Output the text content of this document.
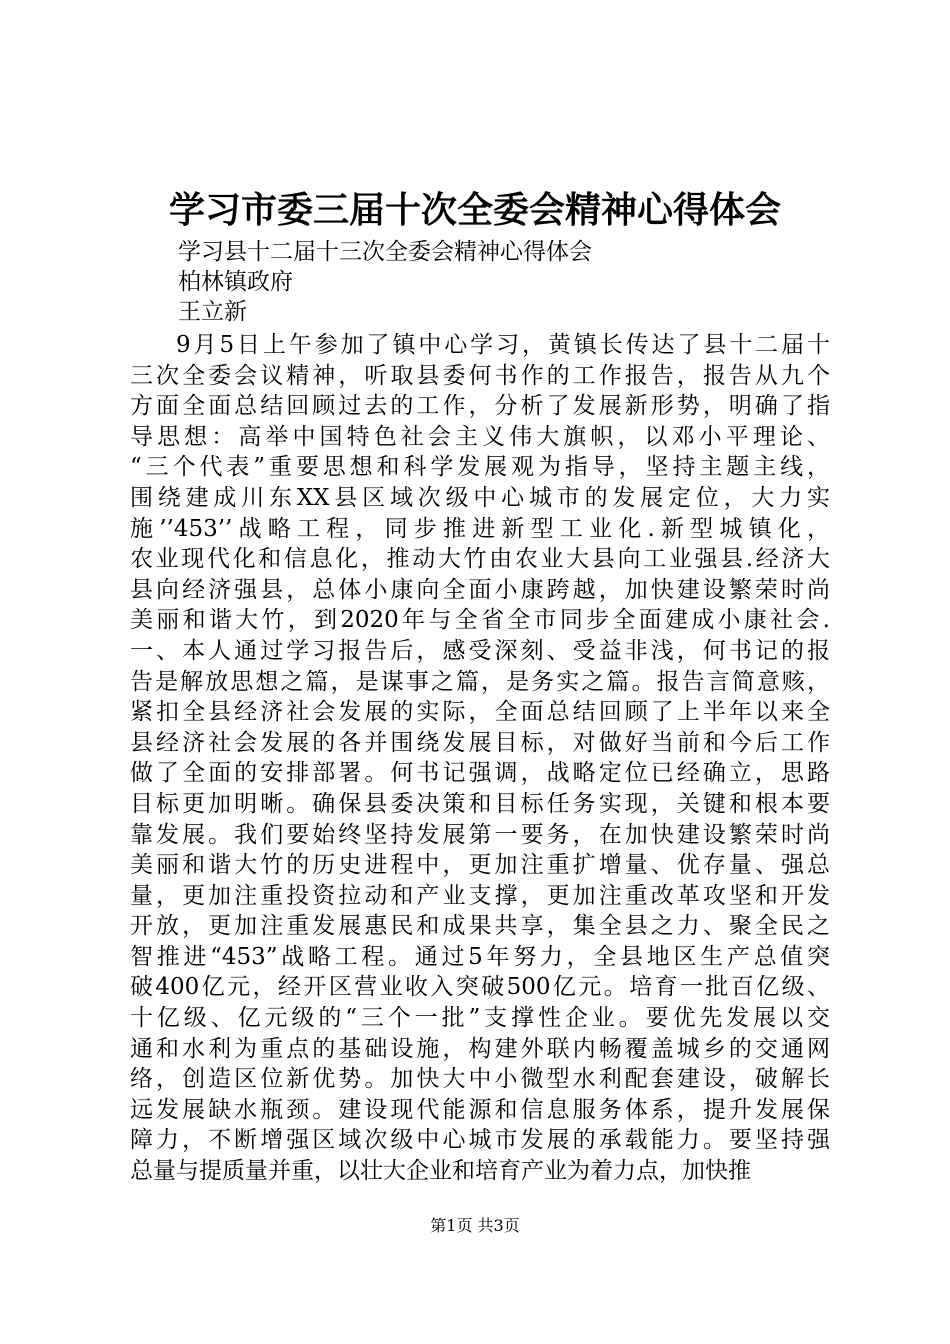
学习市委三届十次全委会精神心得体会
学习县十二届十三次全委会精神心得体会
柏林镇政府
王立新
9月5日上午参加了镇中心学习，黄镇长传达了县十二届十
三次全委会议精神，听取县委何书作的工作报告，报告从九个
方面全面总结回顾过去的工作，分析了发展新形势，明确了指
导思想：高举中国特色社会主义伟大旗帜，以邓小平理论、
“三个代表”重要思想和科学发展观为指导，坚持主题主线，
围绕建成川东XX县区域次级中心城市的发展定位，大力实
施’’453’’战略工程，同步推进新型工业化.新型城镇化，
农业现代化和信息化，推动大竹由农业大县向工业强县.经济大
县向经济强县，总体小康向全面小康跨越，加快建设繁荣时尚
美丽和谐大竹，到2020年与全省全市同步全面建成小康社会.
一、本人通过学习报告后，感受深刻、受益非浅，何书记的报
告是解放思想之篇，是谋事之篇，是务实之篇。报告言简意赅，
紧扣全县经济社会发展的实际，全面总结回顾了上半年以来全
县经济社会发展的各并围绕发展目标，对做好当前和今后工作
做了全面的安排部署。何书记强调，战略定位已经确立，思路
目标更加明晰。确保县委决策和目标任务实现，关键和根本要
靠发展。我们要始终坚持发展第一要务，在加快建设繁荣时尚
美丽和谐大竹的历史进程中，更加注重扩增量、优存量、强总
量，更加注重投资拉动和产业支撑，更加注重改革攻坚和开发
开放，更加注重发展惠民和成果共享，集全县之力、聚全民之
智推进“453”战略工程。通过5年努力，全县地区生产总值突
破400亿元，经开区营业收入突破500亿元。培育一批百亿级、
十亿级、亿元级的“三个一批”支撑性企业。要优先发展以交
通和水利为重点的基础设施，构建外联内畅覆盖城乡的交通网
络，创造区位新优势。加快大中小微型水利配套建设，破解长
远发展缺水瓶颈。建设现代能源和信息服务体系，提升发展保
障力，不断增强区域次级中心城市发展的承载能力。要坚持强
总量与提质量并重，以壮大企业和培育产业为着力点，加快推
第1页 共3页
